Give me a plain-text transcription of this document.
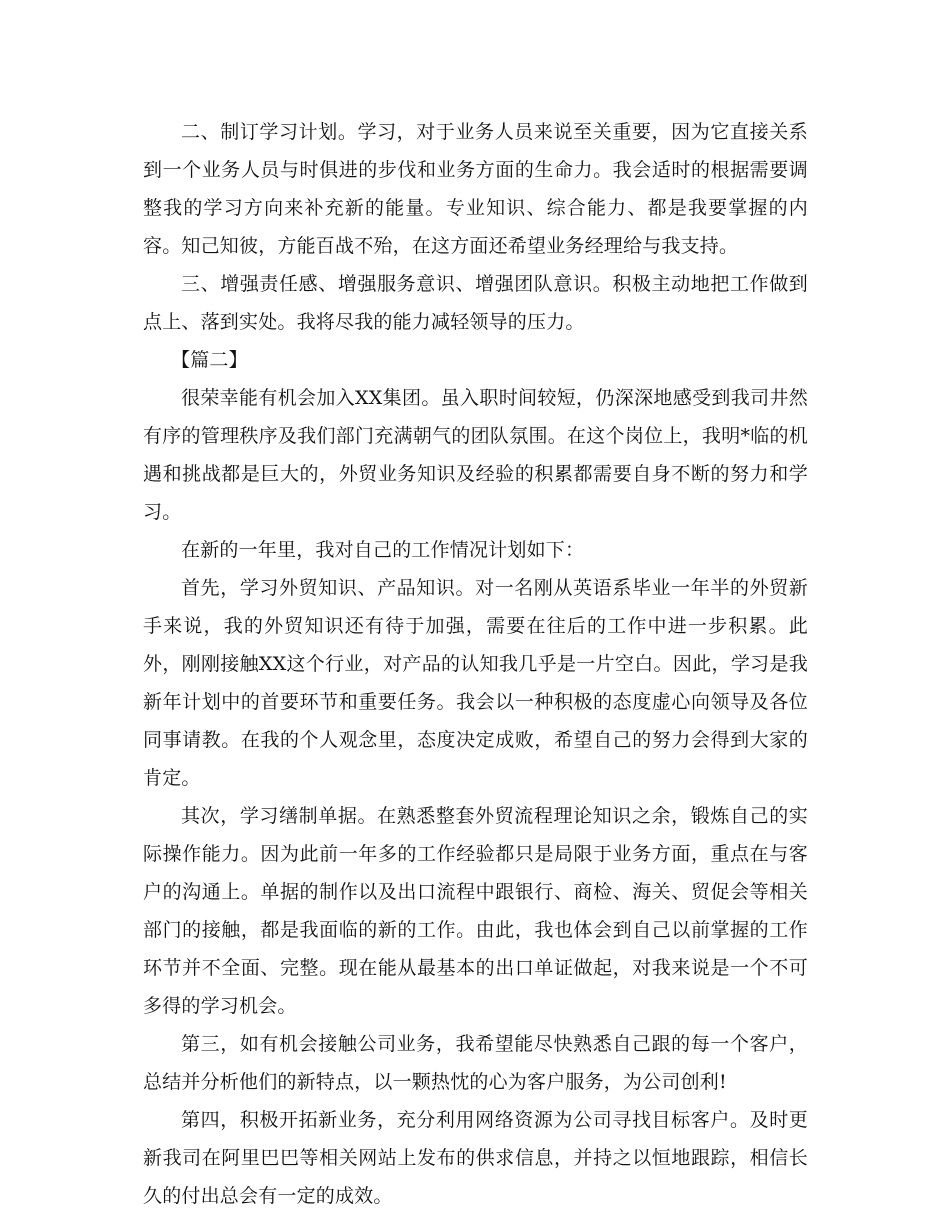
二、制订学习计划。学习，对于业务人员来说至关重要，因为它直接关系到一个业务人员与时俱进的步伐和业务方面的生命力。我会适时的根据需要调整我的学习方向来补充新的能量。专业知识、综合能力、都是我要掌握的内容。知己知彼，方能百战不殆，在这方面还希望业务经理给与我支持。

三、增强责任感、增强服务意识、增强团队意识。积极主动地把工作做到点上、落到实处。我将尽我的能力减轻领导的压力。

【篇二】

很荣幸能有机会加入XX集团。虽入职时间较短，仍深深地感受到我司井然有序的管理秩序及我们部门充满朝气的团队氛围。在这个岗位上，我明*临的机遇和挑战都是巨大的，外贸业务知识及经验的积累都需要自身不断的努力和学习。

在新的一年里，我对自己的工作情况计划如下：

首先，学习外贸知识、产品知识。对一名刚从英语系毕业一年半的外贸新手来说，我的外贸知识还有待于加强，需要在往后的工作中进一步积累。此外，刚刚接触XX这个行业，对产品的认知我几乎是一片空白。因此，学习是我新年计划中的首要环节和重要任务。我会以一种积极的态度虚心向领导及各位同事请教。在我的个人观念里，态度决定成败，希望自己的努力会得到大家的肯定。

其次，学习缮制单据。在熟悉整套外贸流程理论知识之余，锻炼自己的实际操作能力。因为此前一年多的工作经验都只是局限于业务方面，重点在与客户的沟通上。单据的制作以及出口流程中跟银行、商检、海关、贸促会等相关部门的接触，都是我面临的新的工作。由此，我也体会到自己以前掌握的工作环节并不全面、完整。现在能从最基本的出口单证做起，对我来说是一个不可多得的学习机会。

第三，如有机会接触公司业务，我希望能尽快熟悉自己跟的每一个客户，总结并分析他们的新特点，以一颗热忱的心为客户服务，为公司创利!

第四，积极开拓新业务，充分利用网络资源为公司寻找目标客户。及时更新我司在阿里巴巴等相关网站上发布的供求信息，并持之以恒地跟踪，相信长久的付出总会有一定的成效。
